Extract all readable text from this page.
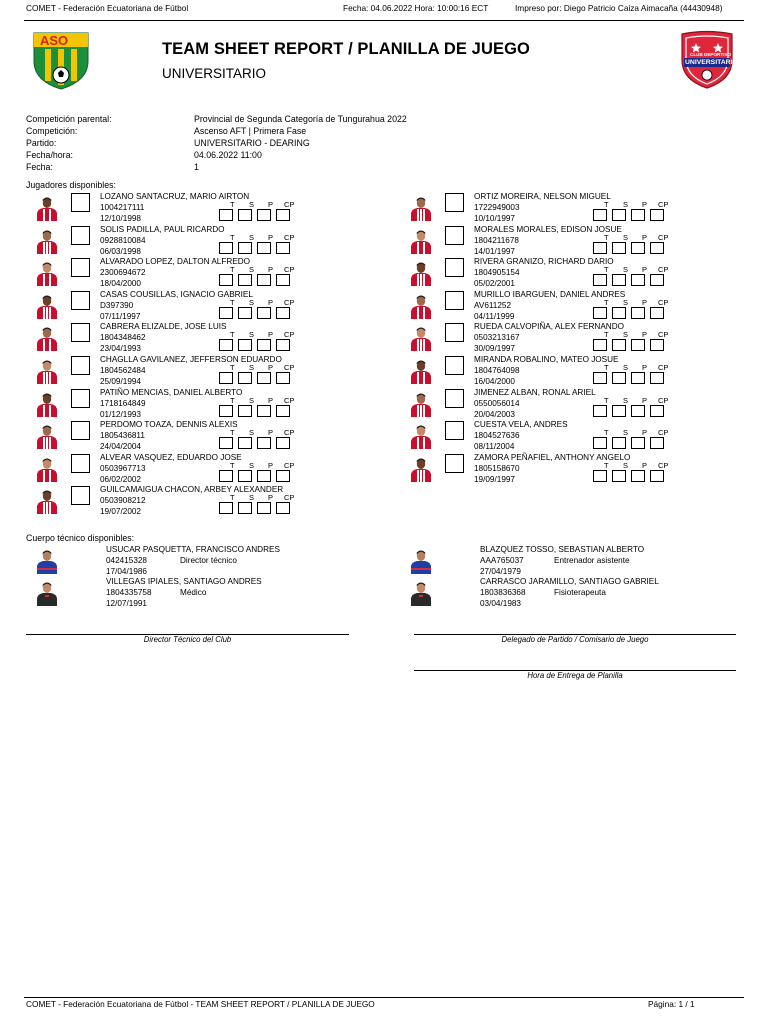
COMET - Federación Ecuatoriana de Fútbol	Fecha: 04.06.2022 Hora: 10:00:16 ECT	Impreso por: Diego Patricio Caiza Aimacaña (44430948)
ASO
CLUB DEPORTIVO
UNIVERSITARIO
TEAM SHEET REPORT / PLANILLA DE JUEGO
UNIVERSITARIO
Competición parental:	Provincial de Segunda Categoría de Tungurahua 2022
Competición:	Ascenso AFT | Primera Fase
Partido:	UNIVERSITARIO - DEARING
Fecha/hora:	04.06.2022 11:00
Fecha:	1
Jugadores disponibles:
LOZANO SANTACRUZ, MARIO AIRTON
1004217111
12/10/1998
T S P CP
SOLIS PADILLA, PAUL RICARDO
0928810084
06/03/1998
T S P CP
ALVARADO LOPEZ, DALTON ALFREDO
2300694672
18/04/2000
T S P CP
CASAS COUSILLAS, IGNACIO GABRIEL
D397390
07/11/1997
T S P CP
CABRERA ELIZALDE, JOSE LUIS
1804348462
23/04/1993
T S P CP
CHAGLLA GAVILANEZ, JEFFERSON EDUARDO
1804562484
25/09/1994
T S P CP
PATIÑO MENCIAS, DANIEL ALBERTO
1718164849
01/12/1993
T S P CP
PERDOMO TOAZA, DENNIS ALEXIS
1805436811
24/04/2004
T S P CP
ALVEAR VASQUEZ, EDUARDO JOSE
0503967713
06/02/2002
T S P CP
GUILCAMAIGUA CHACON, ARBEY ALEXANDER
0503908212
19/07/2002
T S P CP
ORTIZ MOREIRA, NELSON MIGUEL
1722949003
10/10/1997
T S P CP
MORALES MORALES, EDISON JOSUE
1804211678
14/01/1997
T S P CP
RIVERA GRANIZO, RICHARD DARIO
1804905154
05/02/2001
T S P CP
MURILLO IBARGUEN, DANIEL ANDRES
AV611252
04/11/1999
T S P CP
RUEDA CALVOPIÑA, ALEX FERNANDO
0503213167
30/09/1997
T S P CP
MIRANDA ROBALINO, MATEO JOSUE
1804764098
16/04/2000
T S P CP
JIMENEZ ALBAN, RONAL ARIEL
0550056014
20/04/2003
T S P CP
CUESTA VELA, ANDRES
1804527636
08/11/2004
T S P CP
ZAMORA PEÑAFIEL, ANTHONY ANGELO
1805158670
19/09/1997
T S P CP
Cuerpo técnico disponibles:
USUCAR PASQUETTA, FRANCISCO ANDRES
042415328	Director técnico
17/04/1986
VILLEGAS IPIALES, SANTIAGO ANDRES
1804335758	Médico
12/07/1991
BLAZQUEZ TOSSO, SEBASTIAN ALBERTO
AAA765037	Entrenador asistente
27/04/1979
CARRASCO JARAMILLO, SANTIAGO GABRIEL
1803836368	Fisioterapeuta
03/04/1983
Director Técnico del Club	Delegado de Partido / Comisario de Juego
Hora de Entrega de Planilla
COMET - Federación Ecuatoriana de Fútbol - TEAM SHEET REPORT / PLANILLA DE JUEGO	Página: 1 / 1
